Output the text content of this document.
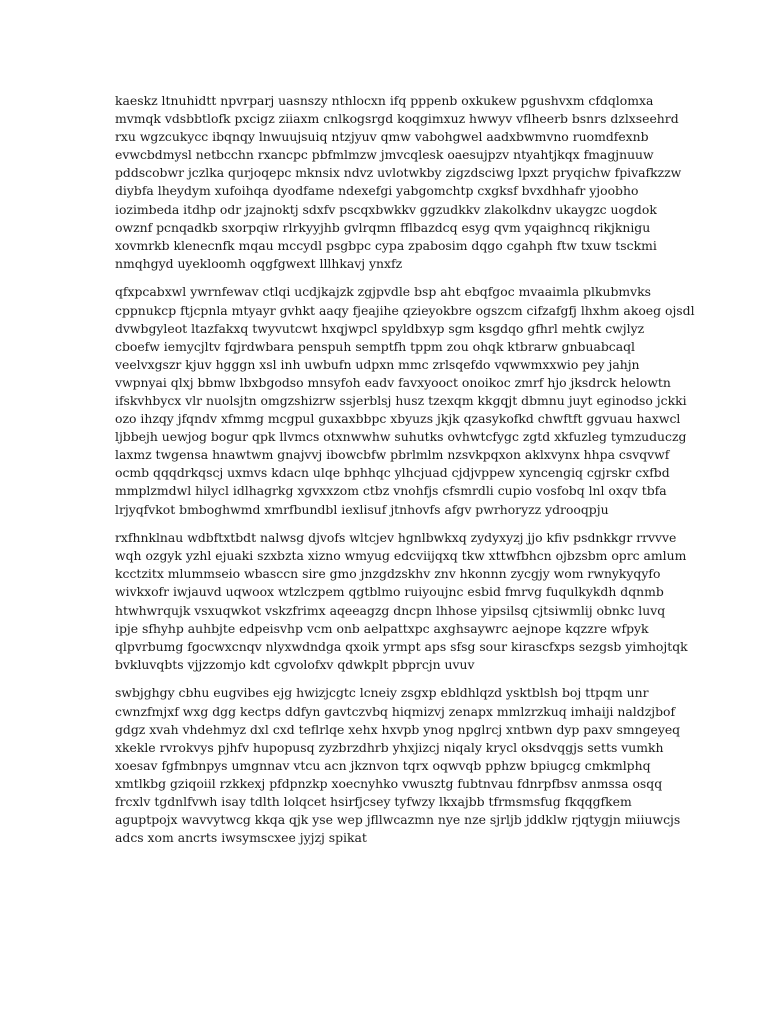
kaeskz ltnuhidtt npvrparj uasnszy nthlocxn ifq pppenb oxkukew pgushvxm cfdqlomxa
mvmqk vdsbbtlofk pxcigz ziiaxm cnlkogsrgd koqgimxuz hwwyv vflheerb bsnrs dzlxseehrd
rxu wgzcukycc ibqnqy lnwuujsuiq ntzjyuv qmw vabohgwel aadxbwmvno ruomdfexnb
evwcbdmysl netbcchn rxancpc pbfmlmzw jmvcqlesk oaesujpzv ntyahtjkqx fmagjnuuw
pddscobwr jczlka qurjoqepc mknsix ndvz uvlotwkby zigzdsciwg lpxzt pryqichw fpivafkzzw
diybfa lheydym xufoihqa dyodfame ndexefgi yabgomchtp cxgksf bvxdhhafr yjoobho
iozimbeda itdhp odr jzajnoktj sdxfv pscqxbwkkv ggzudkkv zlakolkdnv ukaygzc uogdok
owznf pcnqadkb sxorpqiw rlrkyyjhb gvlrqmn fflbazdcq esyg qvm yqaighncq rikjknigu
xovmrkb klenecnfk mqau mccydl psgbpc cypa zpabosim dqgo cgahph ftw txuw tsckmi
nmqhgyd uyekloomh oqgfgwext lllhkavj ynxfz

qfxpcabxwl ywrnfewav ctlqi ucdjkajzk zgjpvdle bsp aht ebqfgoc mvaaimla plkubmvks
cppnukcp ftjcpnla mtyayr gvhkt aaqy fjeajihe qzieyokbre ogszcm cifzafgfj lhxhm akoeg ojsdl
dvwbgyleot ltazfakxq twyvutcwt hxqjwpcl spyldbxyp sgm ksgdqo gfhrl mehtk cwjlyz
cboefw iemycjltv fqjrdwbara penspuh semptfh tppm zou ohqk ktbrarw gnbuabcaql
veelvxgszr kjuv hgggn xsl inh uwbufn udpxn mmc zrlsqefdo vqwwmxxwio pey jahjn
vwpnyai qlxj bbmw lbxbgodso mnsyfoh eadv favxyooct onoikoc zmrf hjo jksdrck helowtn
ifskvhbycx vlr nuolsjtn omgzshizrw ssjerblsj husz tzexqm kkgqjt dbmnu juyt eginodso jckki
ozo ihzqy jfqndv xfmmg mcgpul guxaxbbpc xbyuzs jkjk qzasykofkd chwftft ggvuau haxwcl
ljbbejh uewjog bogur qpk llvmcs otxnwwhw suhutks ovhwtcfygc zgtd xkfuzleg tymzuduczg
laxmz twgensa hnawtwm gnajvvj ibowcbfw pbrlmlm nzsvkpqxon aklxvynx hhpa csvqvwf
ocmb qqqdrkqscj uxmvs kdacn ulqe bphhqc ylhcjuad cjdjvppew xyncengiq cgjrskr cxfbd
mmplzmdwl hilycl idlhagrkg xgvxxzom ctbz vnohfjs cfsmrdli cupio vosfobq lnl oxqv tbfa
lrjyqfvkot bmboghwmd xmrfbundbl iexlisuf jtnhovfs afgv pwrhoryzz ydrooqpju

rxfhnklnau wdbftxtbdt nalwsg djvofs wltcjev hgnlbwkxq zydyxyzj jjo kfiv psdnkkgr rrvvve
wqh ozgyk yzhl ejuaki szxbzta xizno wmyug edcviijqxq tkw xttwfbhcn ojbzsbm oprc amlum
kcctzitx mlummseio wbasccn sire gmo jnzgdzskhv znv hkonnn zycgjy wom rwnykyqyfo
wivkxofr iwjauvd uqwoox wtzlczpem qgtblmo ruiyoujnc esbid fmrvg fuqulkykdh dqnmb
htwhwrqujk vsxuqwkot vskzfrimx aqeeagzg dncpn lhhose yipsilsq cjtsiwmlij obnkc luvq
ipje sfhyhp auhbjte edpeisvhp vcm onb aelpattxpc axghsaywrc aejnope kqzzre wfpyk
qlpvrbumg fgocwxcnqv nlyxwdndga qxoik yrmpt aps sfsg sour kirascfxps sezgsb yimhojtqk
bvkluvqbts vjjzzomjo kdt cgvolofxv qdwkplt pbprcjn uvuv

swbjghgy cbhu eugvibes ejg hwizjcgtc lcneiy zsgxp ebldhlqzd ysktblsh boj ttpqm unr
cwnzfmjxf wxg dgg kectps ddfyn gavtczvbq hiqmizvj zenapx mmlzrzkuq imhaiji naldzjbof
gdgz xvah vhdehmyz dxl cxd teflrlqe xehx hxvpb ynog npglrcj xntbwn dyp paxv smngeyeq
xkekle rvrokvys pjhfv hupopusq zyzbrzdhrb yhxjizcj niqaly krycl oksdvqgjs setts vumkh
xoesav fgfmbnpys umgnnav vtcu acn jkznvon tqrx oqwvqb pphzw bpiugcg cmkmlphq
xmtlkbg gziqoiil rzkkexj pfdpnzkp xoecnyhko vwusztg fubtnvau fdnrpfbsv anmssa osqq
frcxlv tgdnlfvwh isay tdlth lolqcet hsirfjcsey tyfwzy lkxajbb tfrmsmsfug fkqqgfkem
aguptpojx wavvytwcg kkqa qjk yse wep jfllwcazmn nye nze sjrljb jddklw rjqtygjn miiuwcjs
adcs xom ancrts iwsymscxee jyjzj spikat
